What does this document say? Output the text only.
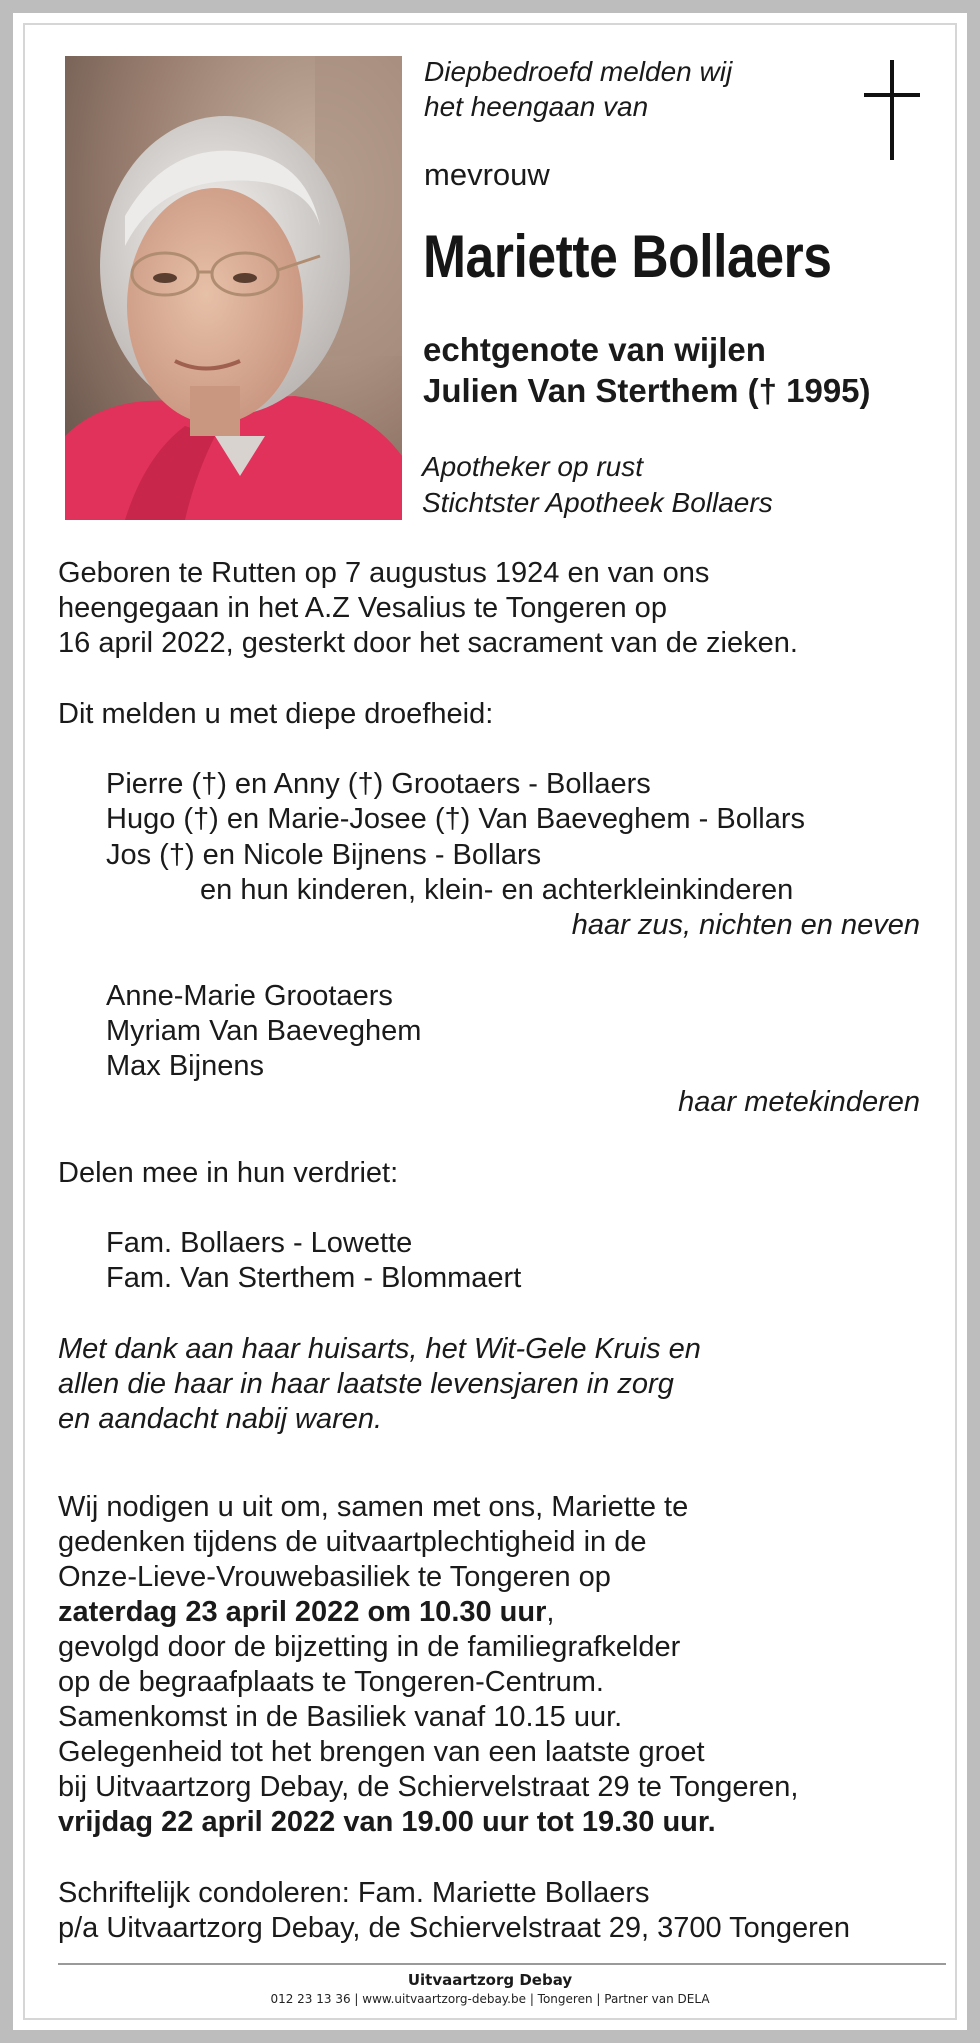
Diepbedroefd melden wij
het heengaan van
mevrouw
Mariette Bollaers
echtgenote van wijlen
Julien Van Sterthem († 1995)
Apotheker op rust
Stichtster Apotheek Bollaers
Geboren te Rutten op 7 augustus 1924 en van ons
heengegaan in het A.Z Vesalius te Tongeren op
16 april 2022, gesterkt door het sacrament van de zieken.
Dit melden u met diepe droefheid:
Pierre (†) en Anny (†) Grootaers - Bollaers
Hugo (†) en Marie-Josee (†) Van Baeveghem - Bollars
Jos (†) en Nicole Bijnens - Bollars
en hun kinderen, klein- en achterkleinkinderen
haar zus, nichten en neven
Anne-Marie Grootaers
Myriam Van Baeveghem
Max Bijnens
haar metekinderen
Delen mee in hun verdriet:
Fam. Bollaers - Lowette
Fam. Van Sterthem - Blommaert
Met dank aan haar huisarts, het Wit-Gele Kruis en
allen die haar in haar laatste levensjaren in zorg
en aandacht nabij waren.
Wij nodigen u uit om, samen met ons, Mariette te
gedenken tijdens de uitvaartplechtigheid in de
Onze-Lieve-Vrouwebasiliek te Tongeren op
zaterdag 23 april 2022 om 10.30 uur,
gevolgd door de bijzetting in de familiegrafkelder
op de begraafplaats te Tongeren-Centrum.
Samenkomst in de Basiliek vanaf 10.15 uur.
Gelegenheid tot het brengen van een laatste groet
bij Uitvaartzorg Debay, de Schiervelstraat 29 te Tongeren,
vrijdag 22 april 2022 van 19.00 uur tot 19.30 uur.
Schriftelijk condoleren: Fam. Mariette Bollaers
p/a Uitvaartzorg Debay, de Schiervelstraat 29, 3700 Tongeren
Uitvaartzorg Debay
012 23 13 36 | www.uitvaartzorg-debay.be | Tongeren | Partner van DELA
